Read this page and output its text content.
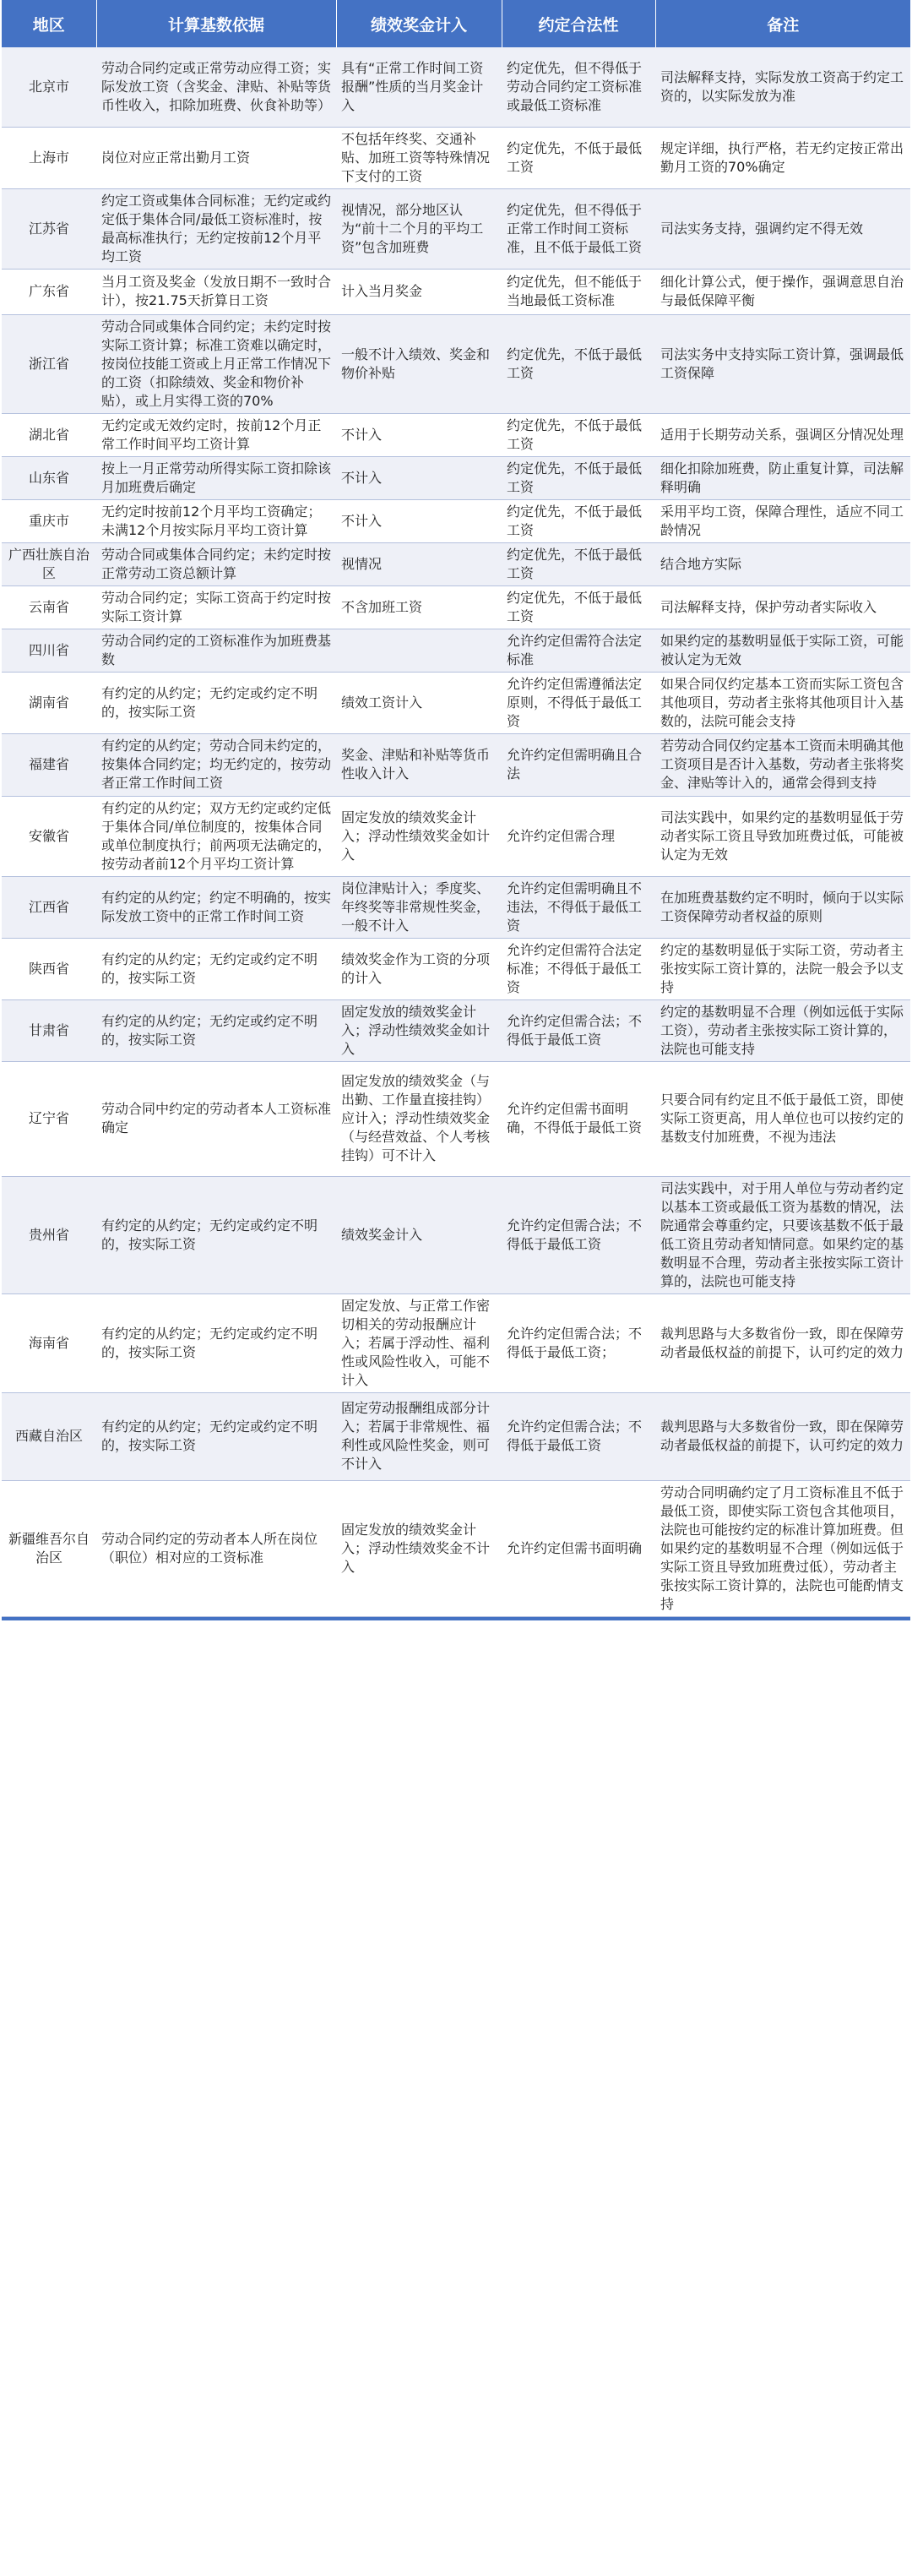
地区	计算基数依据	绩效奖金计入	约定合法性	备注
北京市	劳动合同约定或正常劳动应得工资；实际发放工资（含奖金、津贴、补贴等货币性收入，扣除加班费、伙食补助等）	具有“正常工作时间工资报酬”性质的当月奖金计入	约定优先，但不得低于劳动合同约定工资标准或最低工资标准	司法解释支持，实际发放工资高于约定工资的，以实际发放为准
上海市	岗位对应正常出勤月工资	不包括年终奖、交通补贴、加班工资等特殊情况下支付的工资	约定优先，不低于最低工资	规定详细，执行严格，若无约定按正常出勤月工资的70%确定
江苏省	约定工资或集体合同标准；无约定或约定低于集体合同/最低工资标准时，按最高标准执行；无约定按前12个月平均工资	视情况，部分地区认为“前十二个月的平均工资”包含加班费	约定优先，但不得低于正常工作时间工资标准，且不低于最低工资	司法实务支持，强调约定不得无效
广东省	当月工资及奖金（发放日期不一致时合计），按21.75天折算日工资	计入当月奖金	约定优先，但不能低于当地最低工资标准	细化计算公式，便于操作，强调意思自治与最低保障平衡
浙江省	劳动合同或集体合同约定；未约定时按实际工资计算；标准工资难以确定时，按岗位技能工资或上月正常工作情况下的工资（扣除绩效、奖金和物价补贴），或上月实得工资的70%	一般不计入绩效、奖金和物价补贴	约定优先，不低于最低工资	司法实务中支持实际工资计算，强调最低工资保障
湖北省	无约定或无效约定时，按前12个月正常工作时间平均工资计算	不计入	约定优先，不低于最低工资	适用于长期劳动关系，强调区分情况处理
山东省	按上一月正常劳动所得实际工资扣除该月加班费后确定	不计入	约定优先，不低于最低工资	细化扣除加班费，防止重复计算，司法解释明确
重庆市	无约定时按前12个月平均工资确定；未满12个月按实际月平均工资计算	不计入	约定优先，不低于最低工资	采用平均工资，保障合理性，适应不同工龄情况
广西壮族自治区	劳动合同或集体合同约定；未约定时按正常劳动工资总额计算	视情况	约定优先，不低于最低工资	结合地方实际
云南省	劳动合同约定；实际工资高于约定时按实际工资计算	不含加班工资	约定优先，不低于最低工资	司法解释支持，保护劳动者实际收入
四川省	劳动合同约定的工资标准作为加班费基数		允许约定但需符合法定标准	如果约定的基数明显低于实际工资，可能被认定为无效
湖南省	有约定的从约定；无约定或约定不明的，按实际工资	绩效工资计入	允许约定但需遵循法定原则，不得低于最低工资	如果合同仅约定基本工资而实际工资包含其他项目，劳动者主张将其他项目计入基数的，法院可能会支持
福建省	有约定的从约定；劳动合同未约定的，按集体合同约定；均无约定的，按劳动者正常工作时间工资	奖金、津贴和补贴等货币性收入计入	允许约定但需明确且合法	若劳动合同仅约定基本工资而未明确其他工资项目是否计入基数，劳动者主张将奖金、津贴等计入的，通常会得到支持
安徽省	有约定的从约定；双方无约定或约定低于集体合同/单位制度的，按集体合同或单位制度执行；前两项无法确定的，按劳动者前12个月平均工资计算	固定发放的绩效奖金计入；浮动性绩效奖金如计入	允许约定但需合理	司法实践中，如果约定的基数明显低于劳动者实际工资且导致加班费过低，可能被认定为无效
江西省	有约定的从约定；约定不明确的，按实际发放工资中的正常工作时间工资	岗位津贴计入；季度奖、年终奖等非常规性奖金，一般不计入	允许约定但需明确且不违法，不得低于最低工资	在加班费基数约定不明时，倾向于以实际工资保障劳动者权益的原则
陕西省	有约定的从约定；无约定或约定不明的，按实际工资	绩效奖金作为工资的分项的计入	允许约定但需符合法定标准；不得低于最低工资	约定的基数明显低于实际工资，劳动者主张按实际工资计算的，法院一般会予以支持
甘肃省	有约定的从约定；无约定或约定不明的，按实际工资	固定发放的绩效奖金计入；浮动性绩效奖金如计入	允许约定但需合法；不得低于最低工资	约定的基数明显不合理（例如远低于实际工资），劳动者主张按实际工资计算的，法院也可能支持
辽宁省	劳动合同中约定的劳动者本人工资标准确定	固定发放的绩效奖金（与出勤、工作量直接挂钩）应计入；浮动性绩效奖金（与经营效益、个人考核挂钩）可不计入	允许约定但需书面明确，不得低于最低工资	只要合同有约定且不低于最低工资，即使实际工资更高，用人单位也可以按约定的基数支付加班费，不视为违法
贵州省	有约定的从约定；无约定或约定不明的，按实际工资	绩效奖金计入	允许约定但需合法；不得低于最低工资	司法实践中，对于用人单位与劳动者约定以基本工资或最低工资为基数的情况，法院通常会尊重约定，只要该基数不低于最低工资且劳动者知情同意。如果约定的基数明显不合理，劳动者主张按实际工资计算的，法院也可能支持
海南省	有约定的从约定；无约定或约定不明的，按实际工资	固定发放、与正常工作密切相关的劳动报酬应计入；若属于浮动性、福利性或风险性收入，可能不计入	允许约定但需合法；不得低于最低工资；	裁判思路与大多数省份一致，即在保障劳动者最低权益的前提下，认可约定的效力
西藏自治区	有约定的从约定；无约定或约定不明的，按实际工资	固定劳动报酬组成部分计入；若属于非常规性、福利性或风险性奖金，则可不计入	允许约定但需合法；不得低于最低工资	裁判思路与大多数省份一致，即在保障劳动者最低权益的前提下，认可约定的效力
新疆维吾尔自治区	劳动合同约定的劳动者本人所在岗位（职位）相对应的工资标准	固定发放的绩效奖金计入；浮动性绩效奖金不计入	允许约定但需书面明确	劳动合同明确约定了月工资标准且不低于最低工资，即使实际工资包含其他项目，法院也可能按约定的标准计算加班费。但如果约定的基数明显不合理（例如远低于实际工资且导致加班费过低），劳动者主张按实际工资计算的，法院也可能酌情支持
